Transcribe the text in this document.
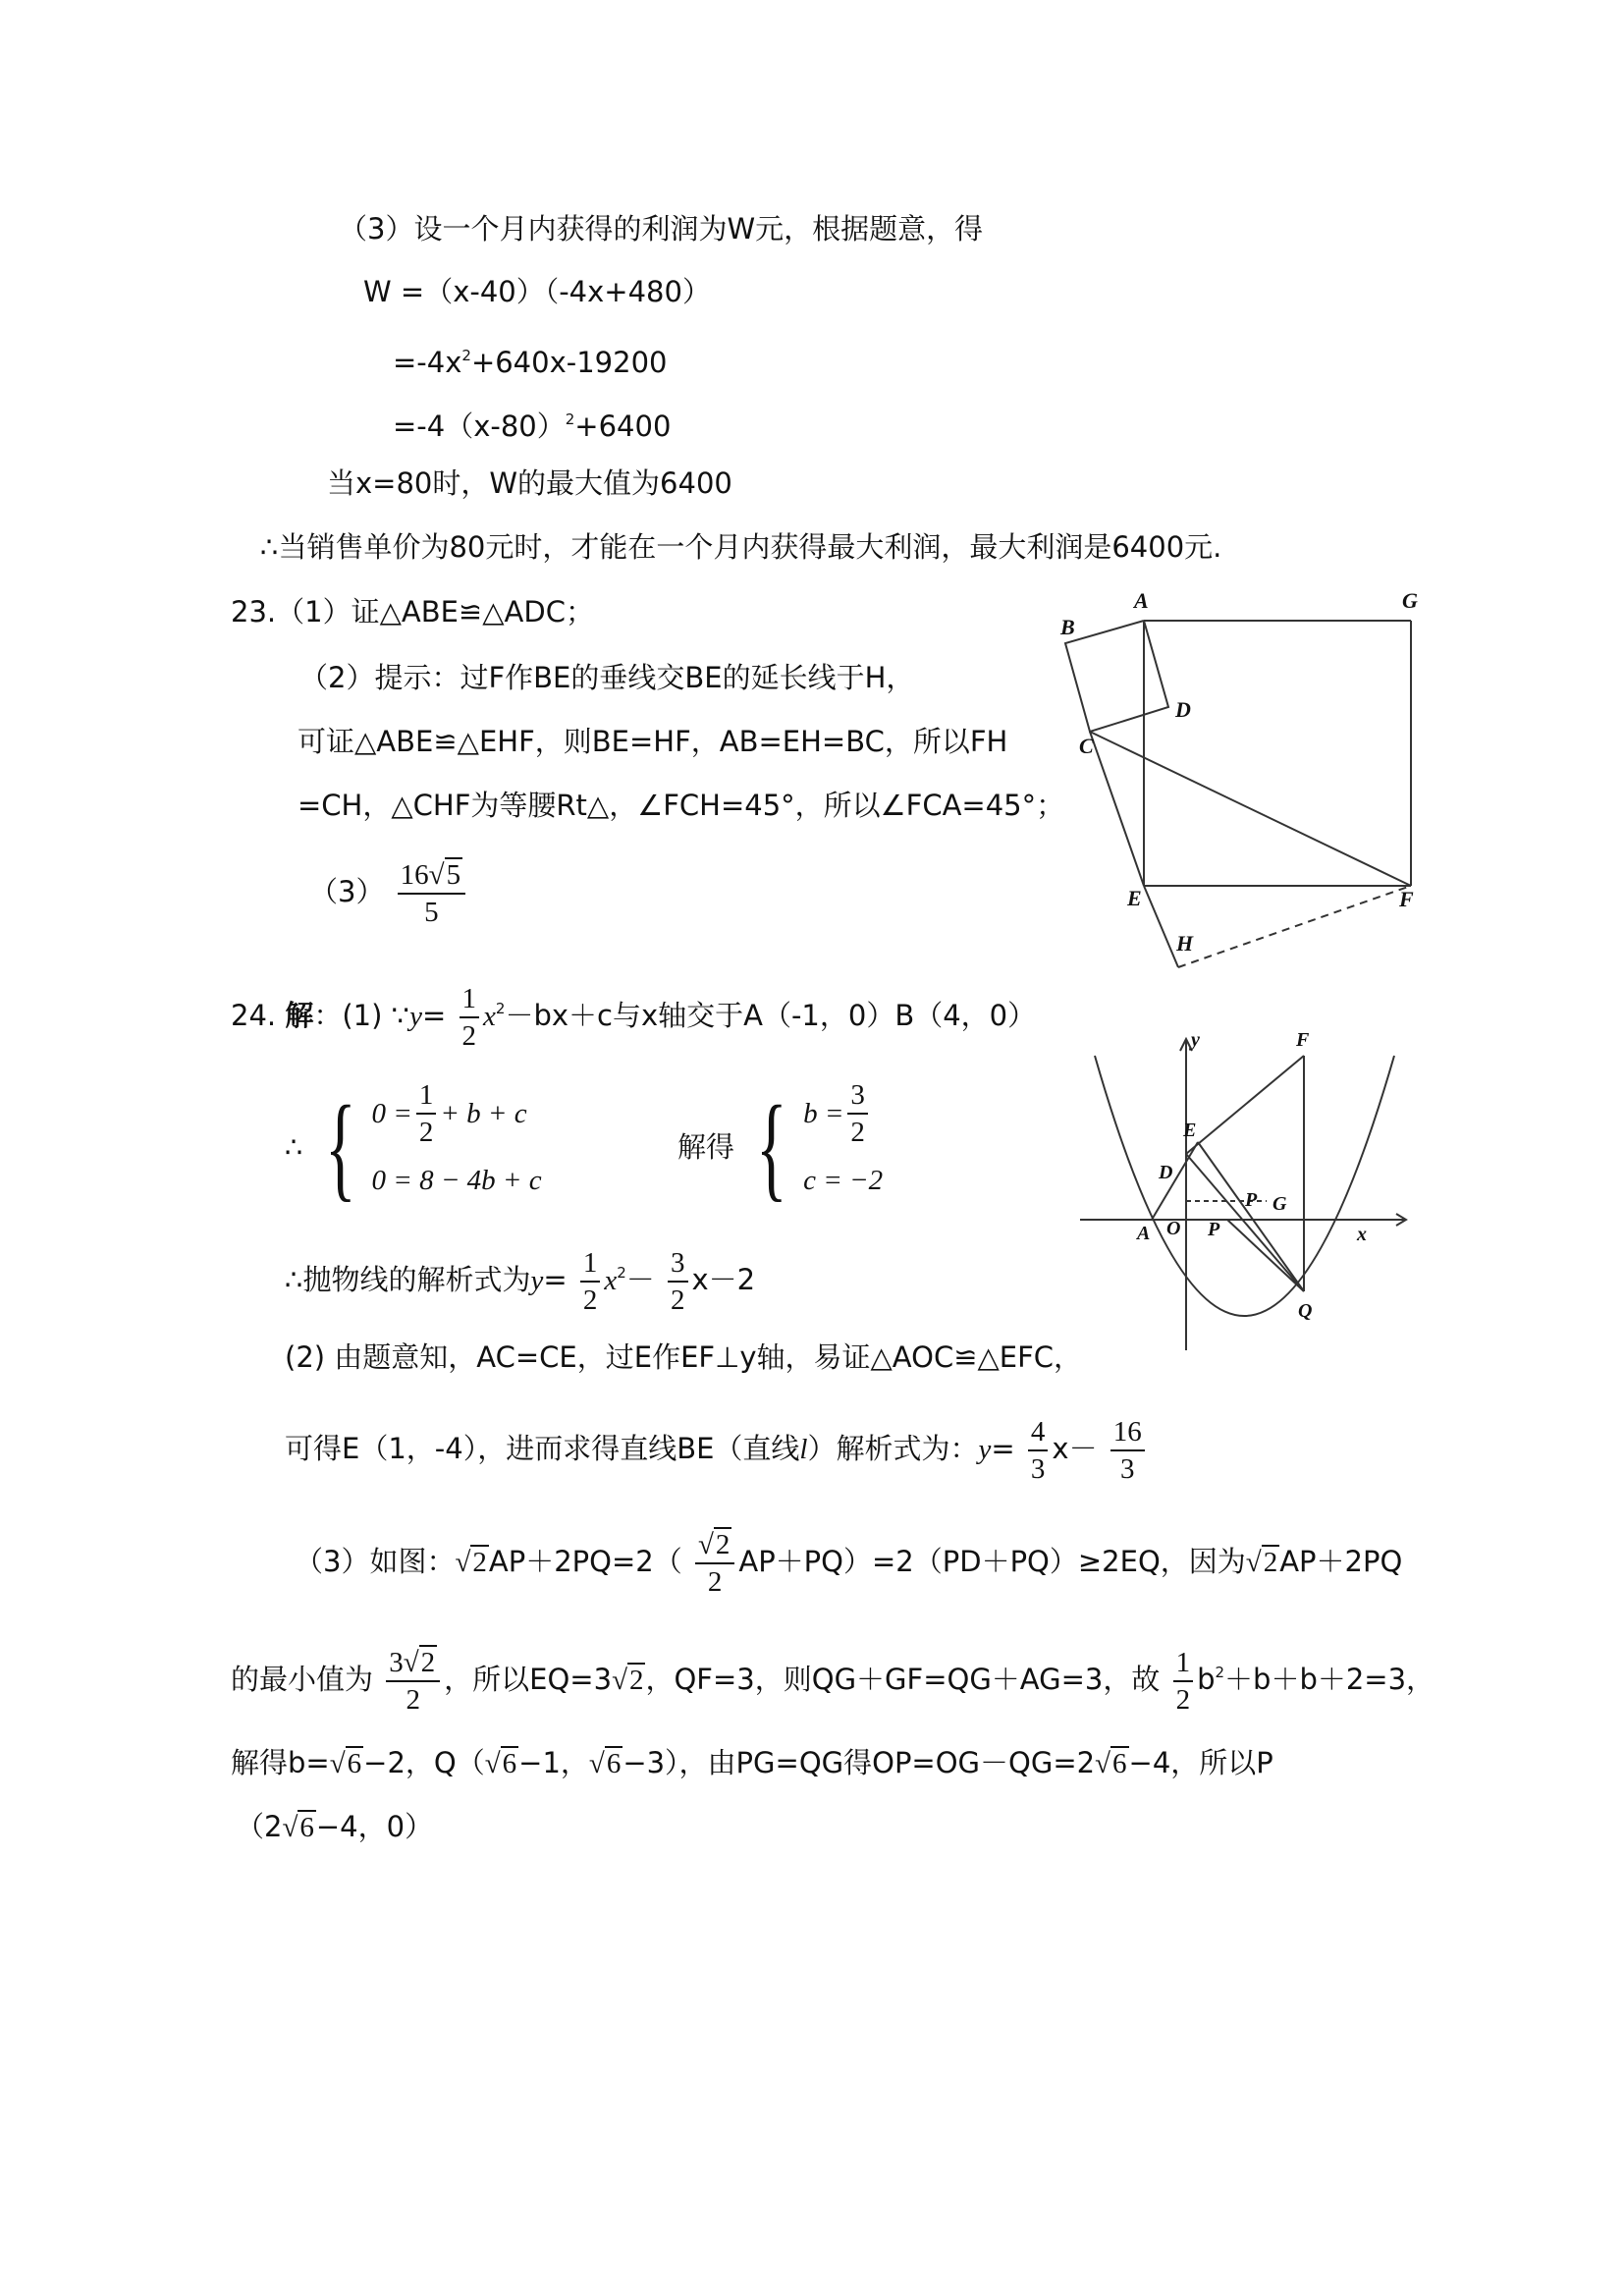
（3）设一个月内获得的利润为W元，根据题意，得
W =（x-40）（-4x+480）
$=-4x^2+640x-19200$
$=-4(x-80)^2+6400$
当x=80时，W的最大值为6400
∴当销售单价为80元时，才能在一个月内获得最大利润，最大利润是6400元.
23.（1）证△ABE≌△ADC；
（2）提示：过F作BE的垂线交BE的延长线于H，
可证△ABE≌△EHF，则BE=HF，AB=EH=BC，所以FH
=CH，△CHF为等腰Rt△，∠FCH=45°，所以∠FCA=45°；
$(3) \frac{16√5}{5}$
A	G
B
D
C
E	F
H
24. 解：(1) ∵y= $\frac{1}{2} x^2-bx+c$与x轴交于A（-1，0）B（4，0）
∴ { $0 = \frac{1}{2} + b + c$
0 = 8 − 4b + c
解得 { $b = \frac{3}{2}$
c = −2
∴抛物线的解析式为$y= \frac{1}{2} x^2- \frac{3}{2} x-2$
(2) 由题意知，AC=CE，过E作EF⊥y轴，易证△AOC≌△EFC，
可得E（1，-4），进而求得直线BE（直线l）解析式为：$y= \frac{4}{3} x- \frac{16}{3}$
（3）如图：$√2AP+2PQ=2( \frac{√2}{2} AP+PQ)=2(PD+PQ)\ge 2EQ$，因为√2AP＋2PQ
的最小值为 $\frac{3√2}{2}$ ，所以EQ=3√2，QF=3，则QG＋GF=QG＋AG=3，故 $\frac{1}{2} b^2+b+b+2=3$，
解得b=√6−2，Q（√6−1，√6−3），由PG=QG得OP=OG－QG=2√6−4，所以P
（2√6−4，0）
y	F
E
D
P G
A O P	x
Q
